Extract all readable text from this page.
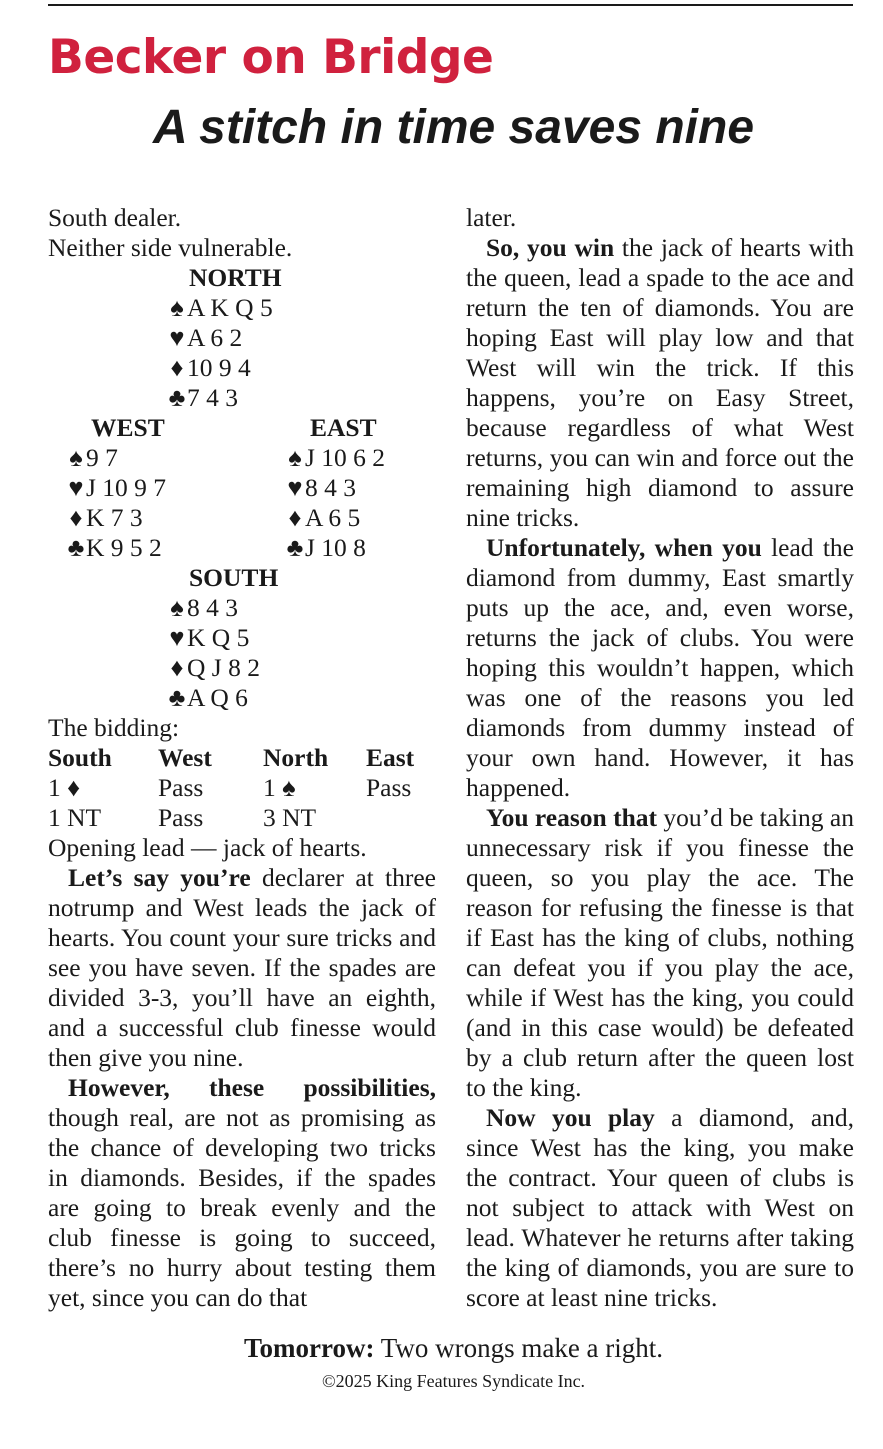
Becker on Bridge
A stitch in time saves nine
South dealer.
Neither side vulnerable.
NORTH
♠ A K Q 5
♥A 6 2
♦ 10 9 4
♣7 4 3
WEST
♠ 9 7
♥J 10 9 7
♦ K 7 3
♣K 9 5 2
EAST
♠ J 10 6 2
♥8 4 3
♦ A 6 5
♣J 10 8
SOUTH
♠ 8 4 3
♥K Q 5
♦ Q J 8 2
♣A Q 6
The bidding:
South	West	North	East
1 ♦	Pass	1 ♠	Pass
1 NT	Pass	3 NT	
Opening lead — jack of hearts.

Let’s say you’re declarer at three notrump and West leads the jack of hearts. You count your sure tricks and see you have seven. If the spades are divided 3-3, you’ll have an eighth, and a successful club finesse would then give you nine.

However, these possibilities, though real, are not as promising as the chance of developing two tricks in diamonds. Besides, if the spades are going to break evenly and the club finesse is going to succeed, there’s no hurry about testing them yet, since you can do that

later.

So, you win the jack of hearts with the queen, lead a spade to the ace and return the ten of diamonds. You are hoping East will play low and that West will win the trick. If this happens, you’re on Easy Street, because regardless of what West returns, you can win and force out the remaining high diamond to assure nine tricks.

Unfortunately, when you lead the diamond from dummy, East smartly puts up the ace, and, even worse, returns the jack of clubs. You were hoping this wouldn’t happen, which was one of the reasons you led diamonds from dummy instead of your own hand. However, it has happened.

You reason that you’d be taking an unnecessary risk if you finesse the queen, so you play the ace. The reason for refusing the finesse is that if East has the king of clubs, nothing can defeat you if you play the ace, while if West has the king, you could (and in this case would) be defeated by a club return after the queen lost to the king.

Now you play a diamond, and, since West has the king, you make the contract. Your queen of clubs is not subject to attack with West on lead. Whatever he returns after taking the king of diamonds, you are sure to score at least nine tricks.

Tomorrow: Two wrongs make a right.
©2025 King Features Syndicate Inc.
